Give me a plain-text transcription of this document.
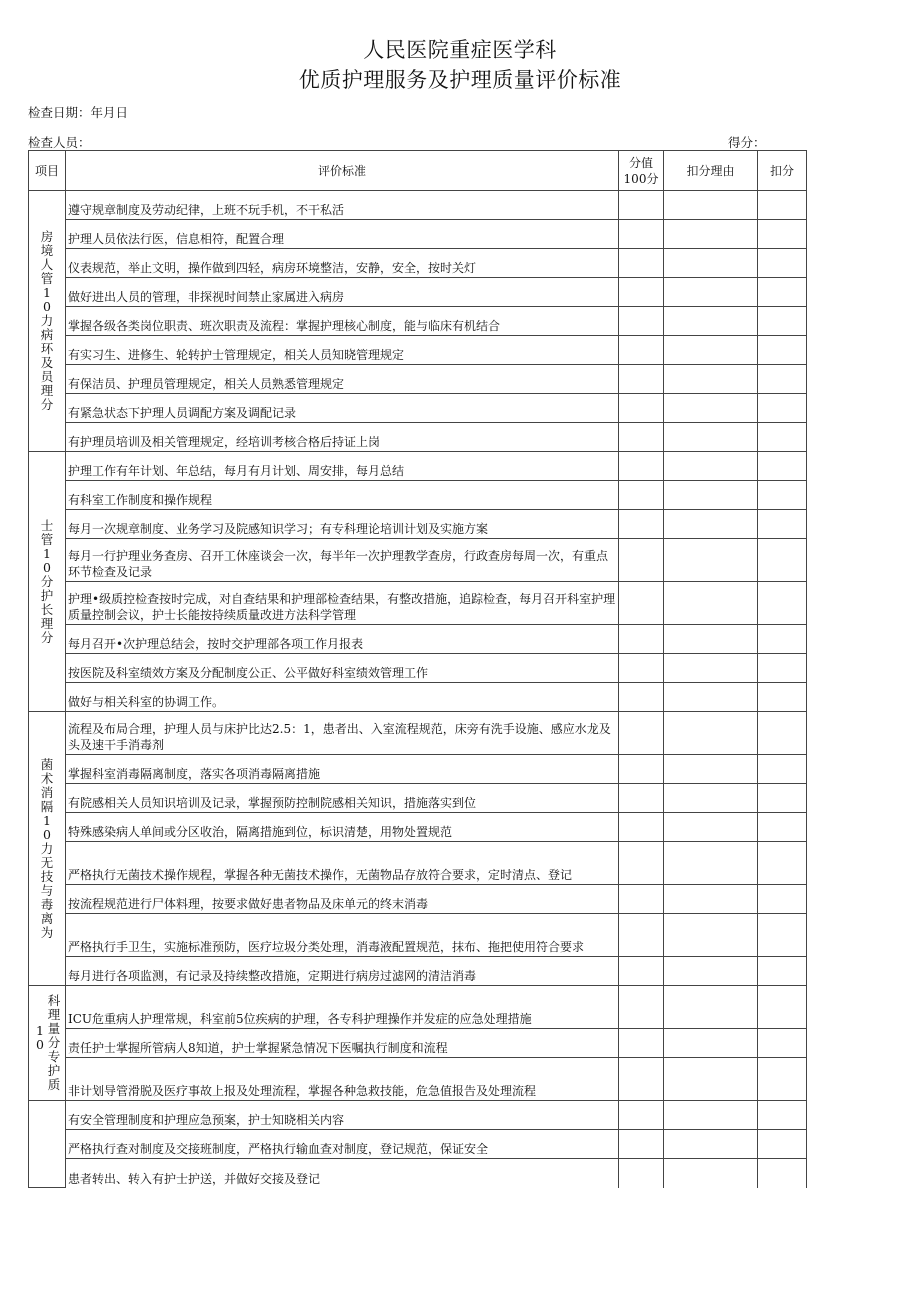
人民医院重症医学科
优质护理服务及护理质量评价标准
检查日期：年月日
检查人员：	得分：
项目	评价标准	分值100分	扣分理由	扣分
房境人管10力病环及员理分	遵守规章制度及劳动纪律，上班不玩手机，不干私活			
	护理人员依法行医，信息相符，配置合理			
	仪表规范，举止文明，操作做到四轻，病房环境整洁，安静，安全，按时关灯			
	做好进出人员的管理，非探视时间禁止家属进入病房			
	掌握各级各类岗位职责、班次职责及流程：掌握护理核心制度，能与临床有机结合			
	有实习生、进修生、轮转护士管理规定，相关人员知晓管理规定			
	有保洁员、护理员管理规定，相关人员熟悉管理规定			
	有紧急状态下护理人员调配方案及调配记录			
	有护理员培训及相关管理规定，经培训考核合格后持证上岗			
士管10分护长理分	护理工作有年计划、年总结，每月有月计划、周安排，每月总结			
	有科室工作制度和操作规程			
	每月一次规章制度、业务学习及院感知识学习；有专科理论培训计划及实施方案			
	每月一行护理业务查房、召开工休座谈会一次，每半年一次护理教学查房，行政查房每周一次，有重点环节检查及记录			
	护理•级质控检查按时完成，对自查结果和护理部检查结果，有整改措施，追踪检查，每月召开科室护理质量控制会议，护士长能按持续质量改进方法科学管理			
	每月召开•次护理总结会，按时交护理部各项工作月报表			
	按医院及科室绩效方案及分配制度公正、公平做好科室绩效管理工作			
	做好与相关科室的协调工作。			
菌术消隔10力无技与毒离为	流程及布局合理，护理人员与床护比达2.5：1，患者出、入室流程规范，床旁有洗手设施、感应水龙及头及速干手消毒剂			
	掌握科室消毒隔离制度，落实各项消毒隔离措施			
	有院感相关人员知识培训及记录，掌握预防控制院感相关知识，措施落实到位			
	特殊感染病人单间或分区收治，隔离措施到位，标识清楚，用物处置规范			
	严格执行无菌技术操作规程，掌握各种无菌技术操作，无菌物品存放符合要求，定时清点、登记			
	按流程规范进行尸体料理，按要求做好患者物品及床单元的终末消毒			
	严格执行手卫生，实施标准预防，医疗垃圾分类处理，消毒液配置规范，抹布、拖把使用符合要求			
	每月进行各项监测，有记录及持续整改措施，定期进行病房过滤网的清洁消毒			

10
科理量分专护质	ICU危重病人护理常规，科室前5位疾病的护理，各专科护理操作并发症的应急处理措施			
	责任护士掌握所管病人8知道，护士掌握紧急情况下医嘱执行制度和流程			
	非计划导管滑脱及医疗事故上报及处理流程，掌握各种急救技能，危急值报告及处理流程			
	有安全管理制度和护理应急预案，护士知晓相关内容			
	严格执行查对制度及交接班制度，严格执行输血查对制度，登记规范，保证安全			
	患者转出、转入有护士护送，并做好交接及登记			
